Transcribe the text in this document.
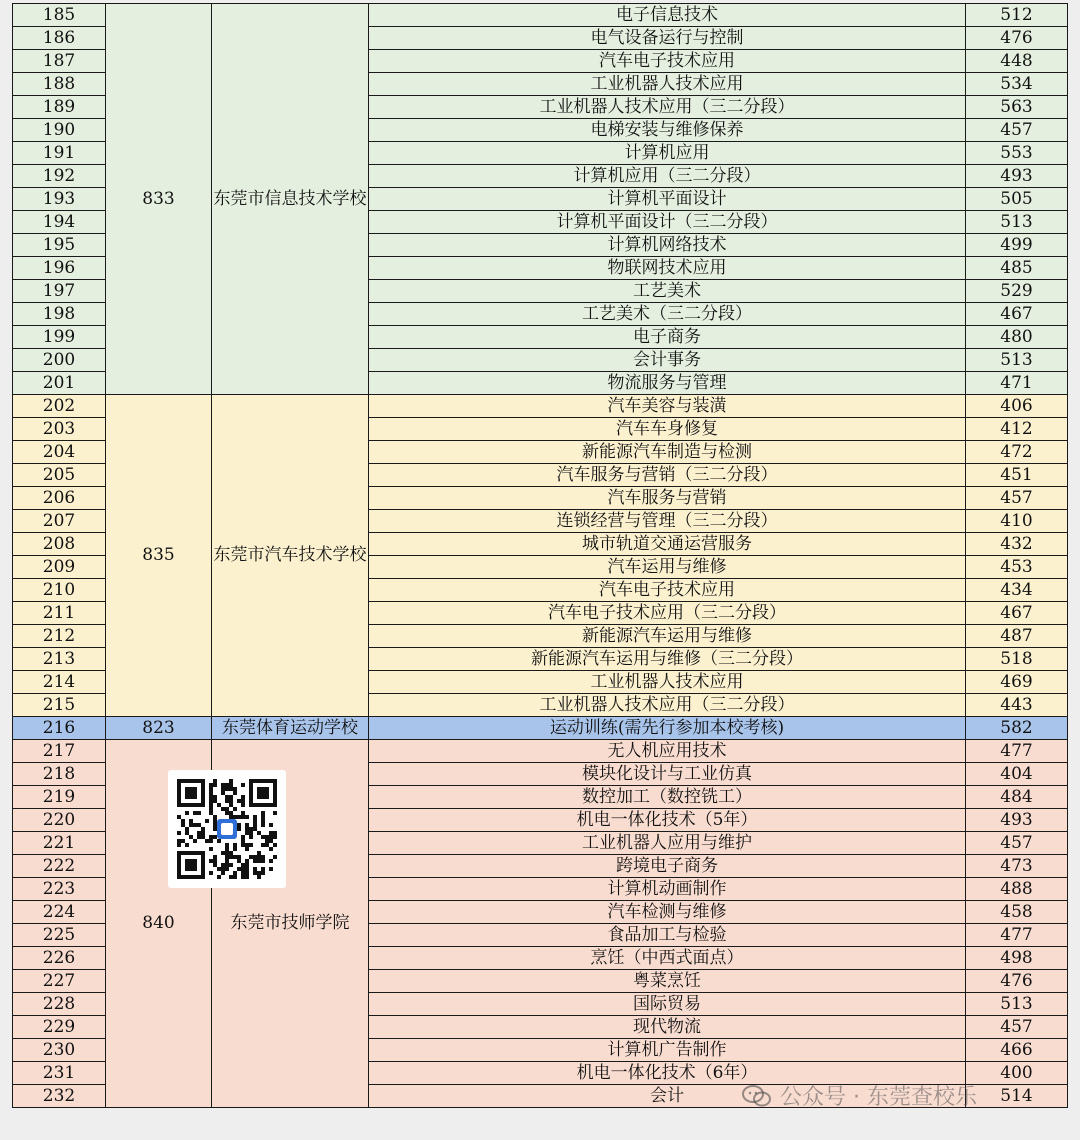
185	833	东莞市信息技术学校	电子信息技术	512
186			电气设备运行与控制	476
187			汽车电子技术应用	448
188			工业机器人技术应用	534
189			工业机器人技术应用（三二分段）	563
190			电梯安装与维修保养	457
191			计算机应用	553
192			计算机应用（三二分段）	493
193			计算机平面设计	505
194			计算机平面设计（三二分段）	513
195			计算机网络技术	499
196			物联网技术应用	485
197			工艺美术	529
198			工艺美术（三二分段）	467
199			电子商务	480
200			会计事务	513
201			物流服务与管理	471
202	835	东莞市汽车技术学校	汽车美容与装潢	406
203			汽车车身修复	412
204			新能源汽车制造与检测	472
205			汽车服务与营销（三二分段）	451
206			汽车服务与营销	457
207			连锁经营与管理（三二分段）	410
208			城市轨道交通运营服务	432
209			汽车运用与维修	453
210			汽车电子技术应用	434
211			汽车电子技术应用（三二分段）	467
212			新能源汽车运用与维修	487
213			新能源汽车运用与维修（三二分段）	518
214			工业机器人技术应用	469
215			工业机器人技术应用（三二分段）	443
216	823	东莞体育运动学校	运动训练(需先行参加本校考核)	582
217	840	东莞市技师学院	无人机应用技术	477
218			模块化设计与工业仿真	404
219			数控加工（数控铣工）	484
220			机电一体化技术（5年）	493
221			工业机器人应用与维护	457
222			跨境电子商务	473
223			计算机动画制作	488
224			汽车检测与维修	458
225			食品加工与检验	477
226			烹饪（中西式面点）	498
227			粤菜烹饪	476
228			国际贸易	513
229			现代物流	457
230			计算机广告制作	466
231			机电一体化技术（6年）	400
232			会计	514
公众号 · 东莞查校乐
